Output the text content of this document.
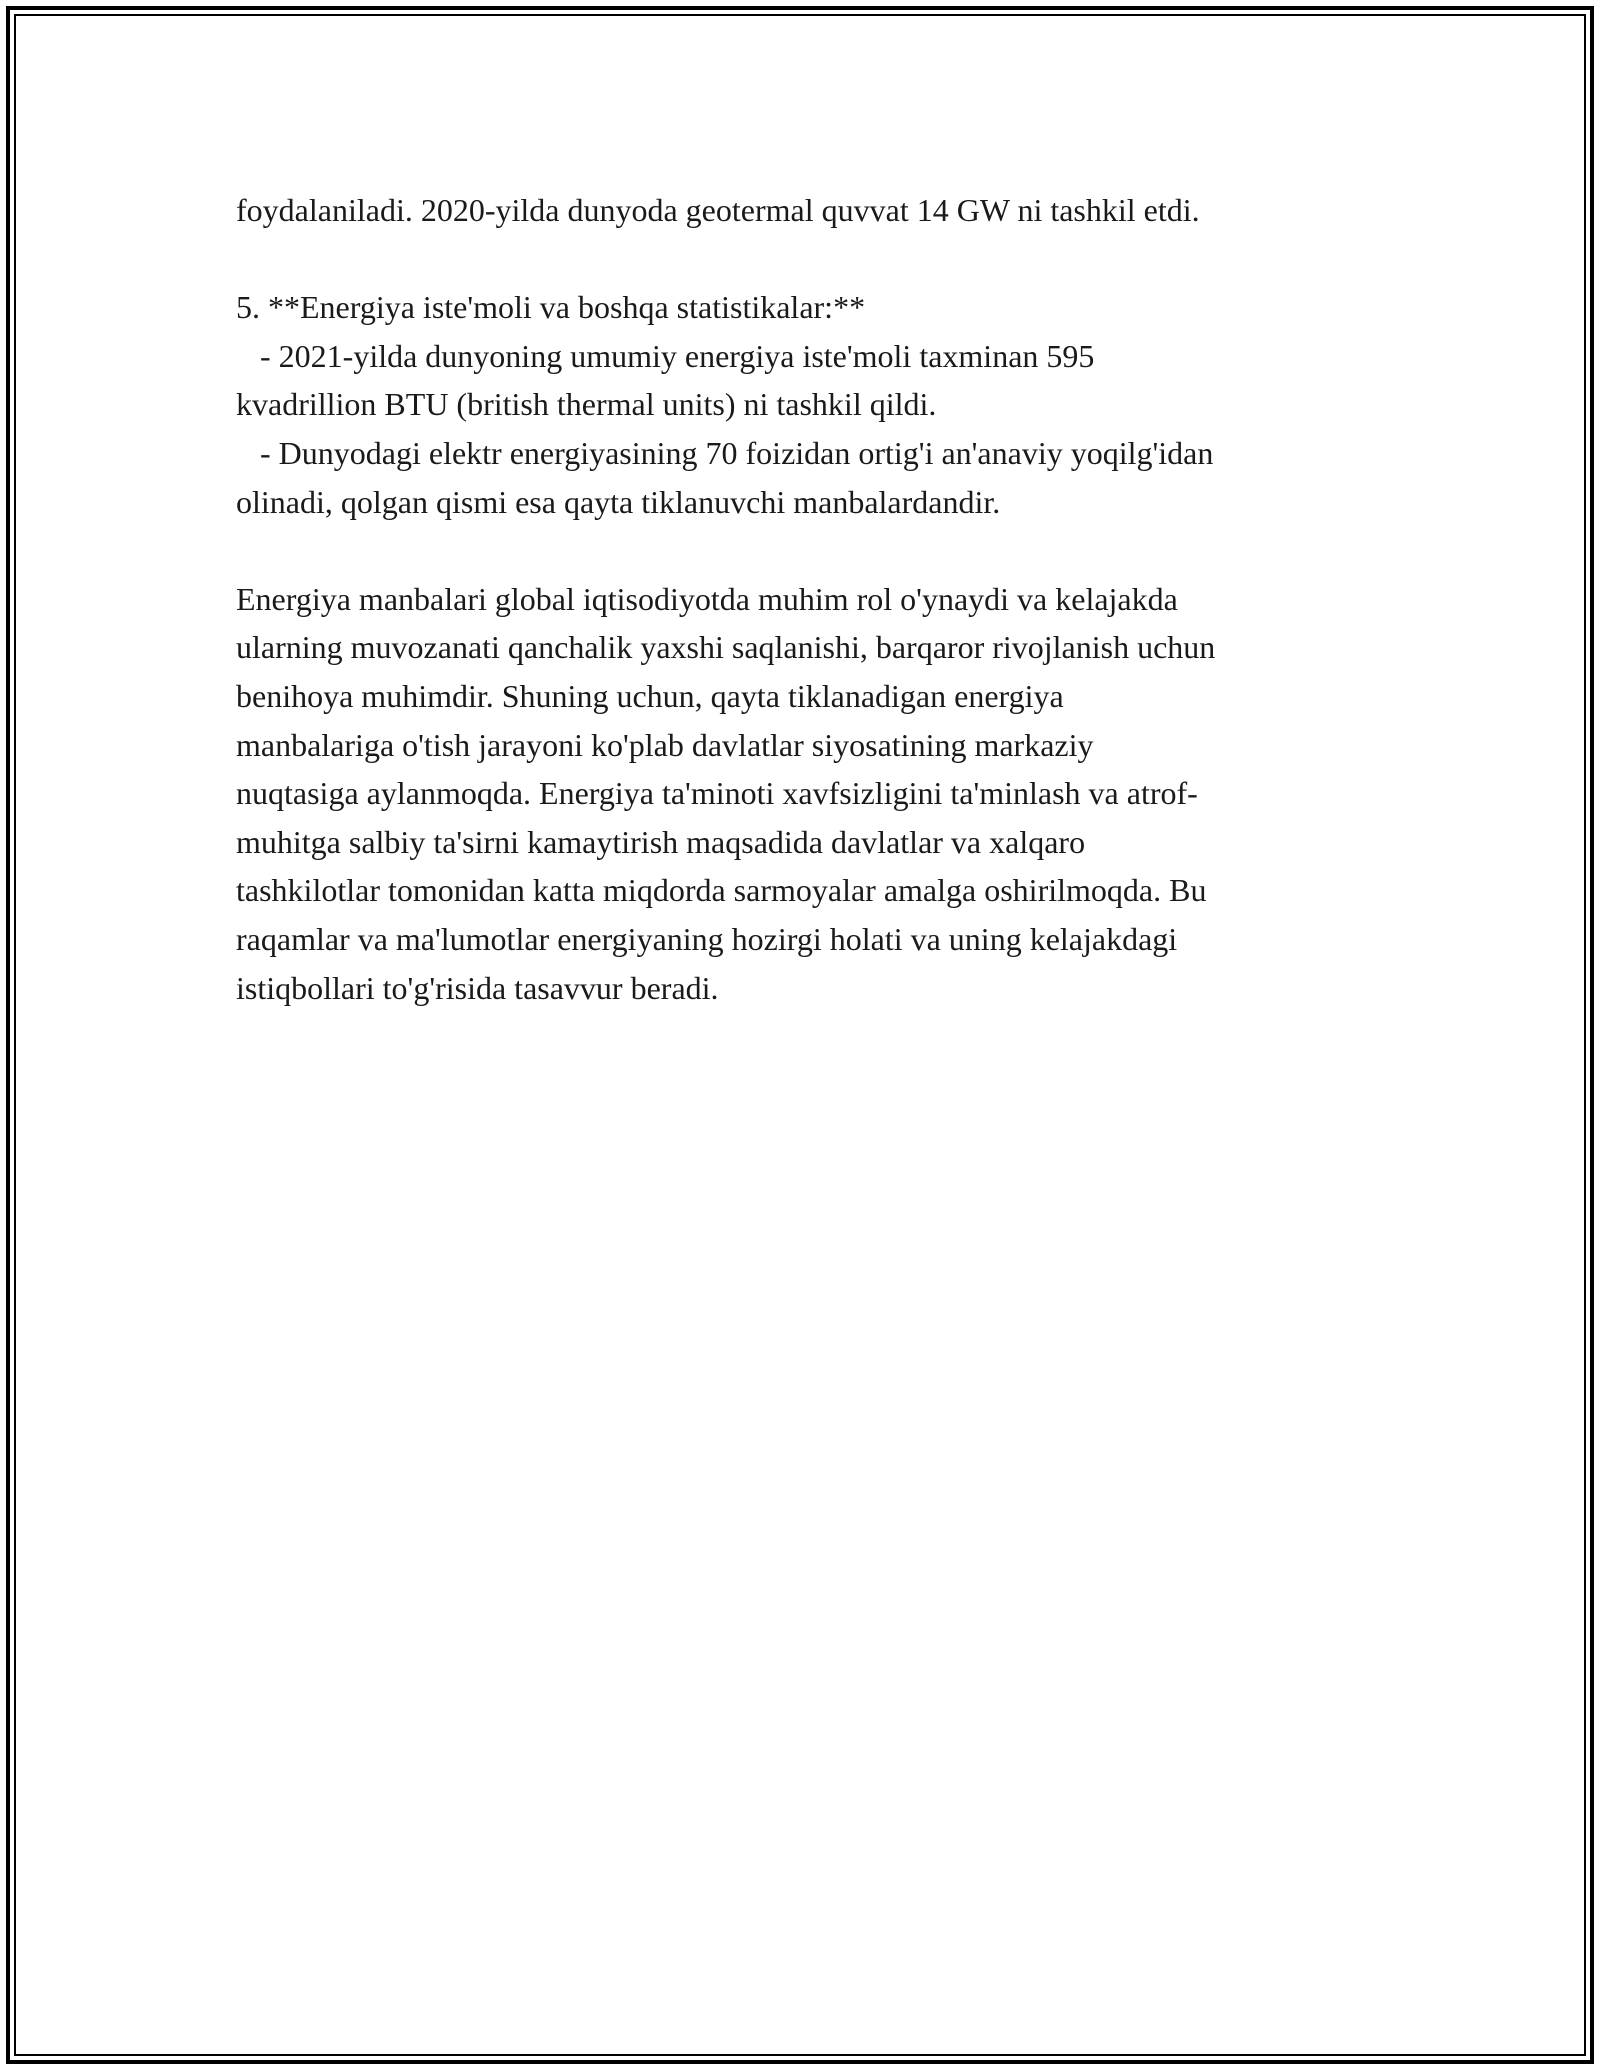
foydalaniladi. 2020-yilda dunyoda geotermal quvvat 14 GW ni tashkil etdi.
5. **Energiya iste'moli va boshqa statistikalar:**
- 2021-yilda dunyoning umumiy energiya iste'moli taxminan 595
kvadrillion BTU (british thermal units) ni tashkil qildi.
- Dunyodagi elektr energiyasining 70 foizidan ortig'i an'anaviy yoqilg'idan
olinadi, qolgan qismi esa qayta tiklanuvchi manbalardandir.
Energiya manbalari global iqtisodiyotda muhim rol o'ynaydi va kelajakda
ularning muvozanati qanchalik yaxshi saqlanishi, barqaror rivojlanish uchun
benihoya muhimdir. Shuning uchun, qayta tiklanadigan energiya
manbalariga o'tish jarayoni ko'plab davlatlar siyosatining markaziy
nuqtasiga aylanmoqda. Energiya ta'minoti xavfsizligini ta'minlash va atrof-
muhitga salbiy ta'sirni kamaytirish maqsadida davlatlar va xalqaro
tashkilotlar tomonidan katta miqdorda sarmoyalar amalga oshirilmoqda. Bu
raqamlar va ma'lumotlar energiyaning hozirgi holati va uning kelajakdagi
istiqbollari to'g'risida tasavvur beradi.
